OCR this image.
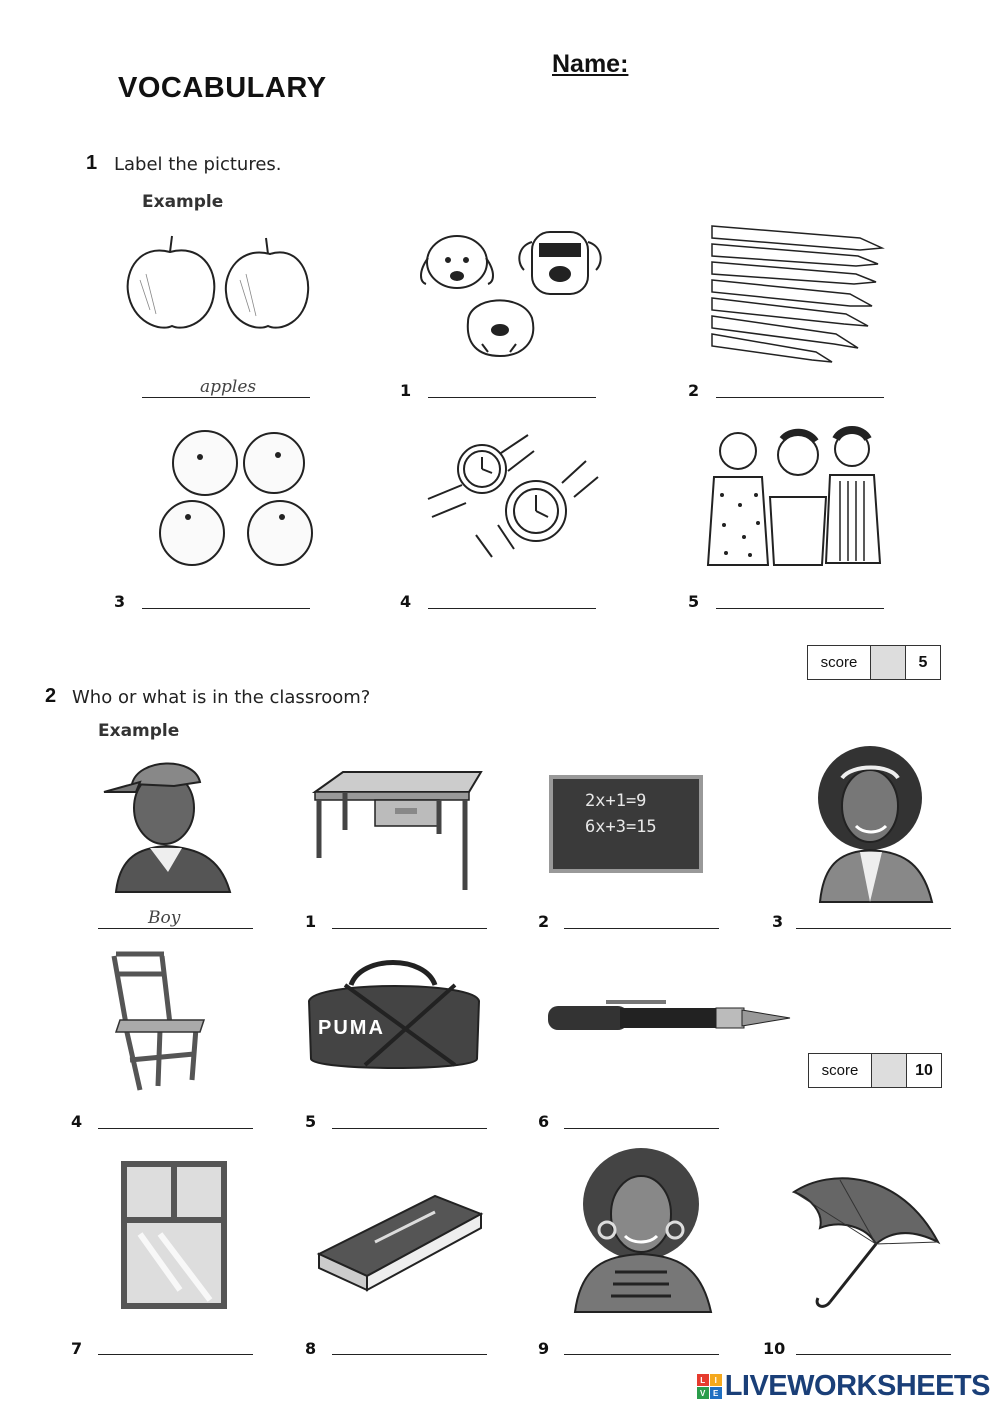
VOCABULARY
Name:
1 Label the pictures.
Example
apples	1	2
3	4	5
score	5
2 Who or what is in the classroom?
Example
Boy	1
2x+1=9
6x+3=15
2	3
4
PUMA
5	6
score	10
7	8	9	10
L	I
V E LIVEWORKSHEETS
